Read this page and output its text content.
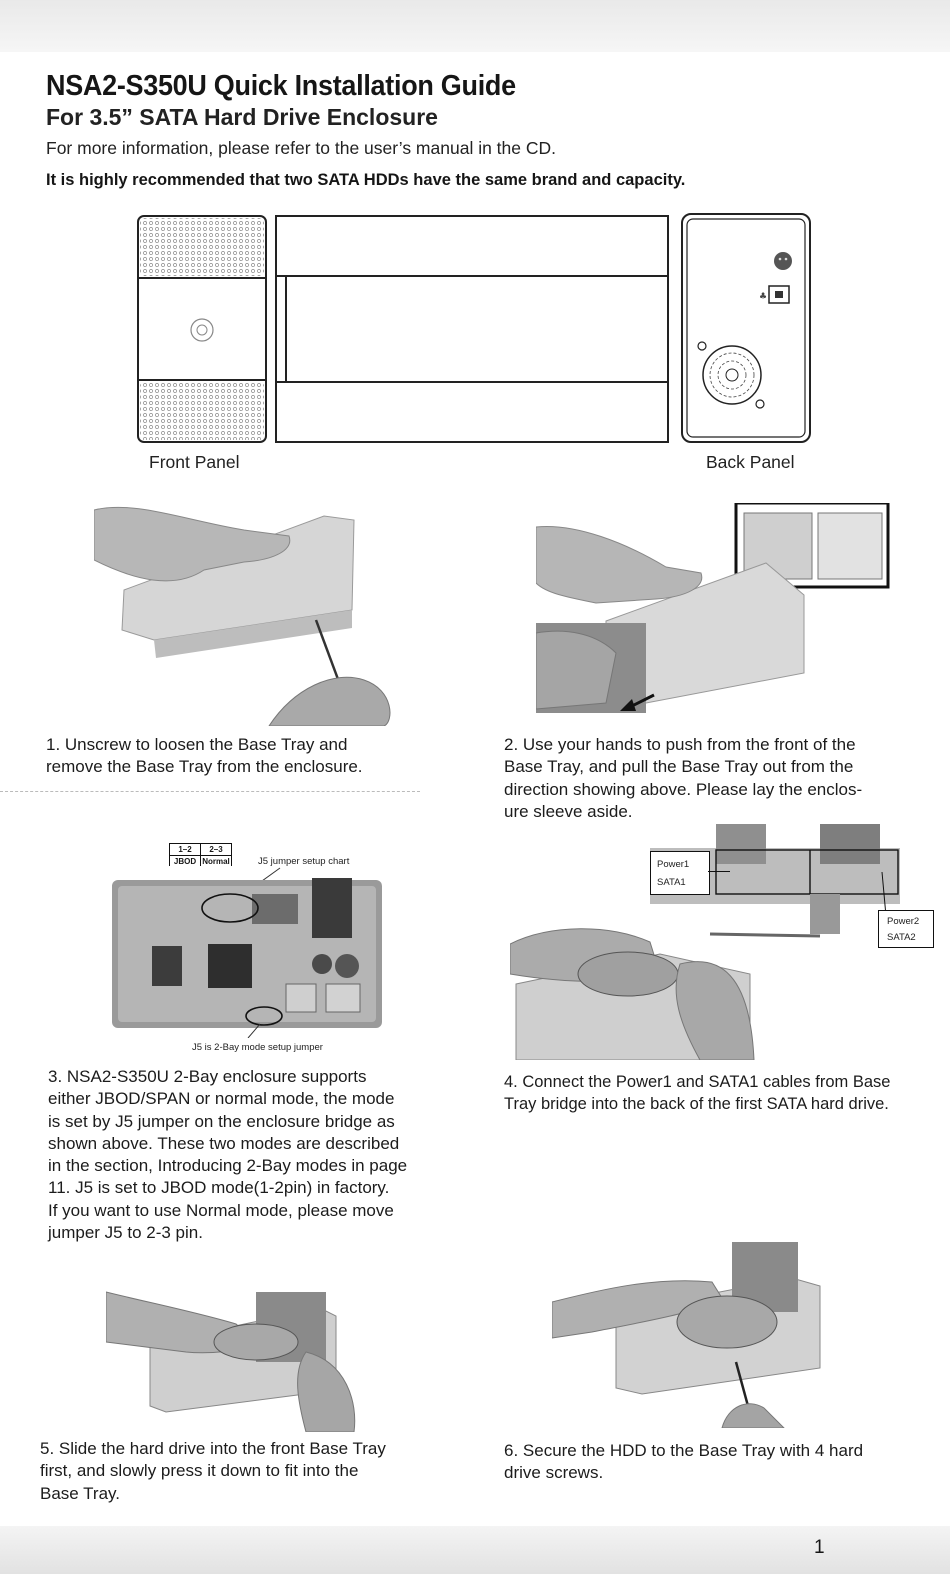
NSA2-S350U Quick Installation Guide
For 3.5” SATA Hard Drive Enclosure
For more information, please refer to the user’s manual in the CD.
It is highly recommended that two SATA HDDs have the same brand and capacity.
♣
Front Panel	Back Panel
1. Unscrew to loosen the Base Tray and
remove the Base Tray from the enclosure.
2. Use your hands to push from the front of the
Base Tray, and pull the Base Tray out from the
direction showing above. Please lay the enclos-
ure sleeve aside.
1–2	2–3
JBOD	Normal	J5 jumper setup chart
J5 is 2-Bay mode setup jumper
Power1
SATA1
Power2
SATA2
3. NSA2-S350U 2-Bay enclosure supports
either JBOD/SPAN or normal mode, the mode
is set by J5 jumper on the enclosure bridge as
shown above. These two modes are described
in the section, Introducing 2-Bay modes in page
11. J5 is set to JBOD mode(1-2pin) in factory.
If you want to use Normal mode, please move
jumper J5 to 2-3 pin.
4. Connect the Power1 and SATA1 cables from Base
Tray bridge into the back of the first SATA hard drive.
5. Slide the hard drive into the front Base Tray
first, and slowly press it down to fit into the
Base Tray.
6. Secure the HDD to the Base Tray with 4 hard
drive screws.
1
